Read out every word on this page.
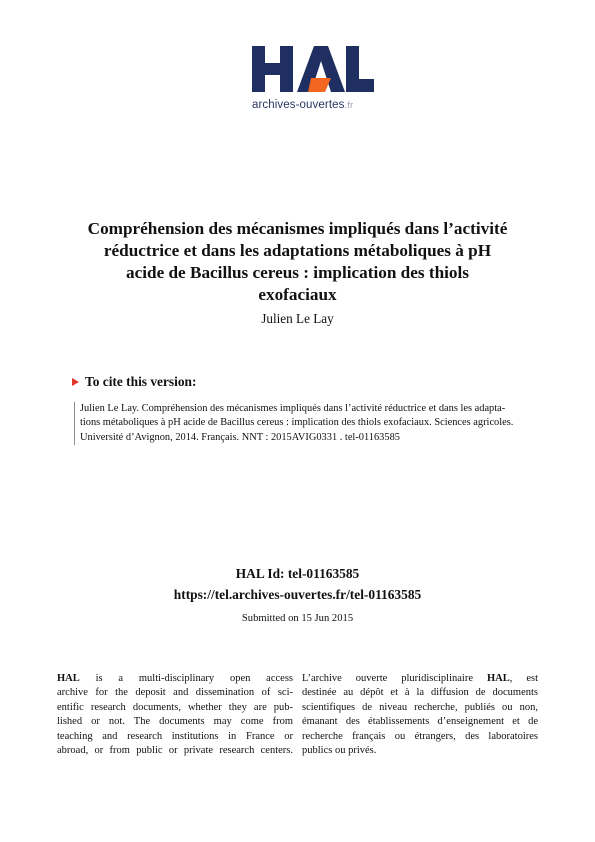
archives-ouvertes.fr
Compréhension des mécanismes impliqués dans l’activité
réductrice et dans les adaptations métaboliques à pH
acide de Bacillus cereus : implication des thiols
exofaciaux
Julien Le Lay
To cite this version:
Julien Le Lay. Compréhension des mécanismes impliqués dans l’activité réductrice et dans les adapta-
tions métaboliques à pH acide de Bacillus cereus : implication des thiols exofaciaux. Sciences agricoles.
Université d’Avignon, 2014. Français. NNT : 2015AVIG0331 . tel-01163585
HAL Id: tel-01163585
https://tel.archives-ouvertes.fr/tel-01163585
Submitted on 15 Jun 2015
HAL is a multi-disciplinary open access
archive for the deposit and dissemination of sci-
entific research documents, whether they are pub-
lished or not. The documents may come from
teaching and research institutions in France or
abroad, or from public or private research centers.
L’archive ouverte pluridisciplinaire HAL, est
destinée au dépôt et à la diffusion de documents
scientifiques de niveau recherche, publiés ou non,
émanant des établissements d’enseignement et de
recherche français ou étrangers, des laboratoires
publics ou privés.
